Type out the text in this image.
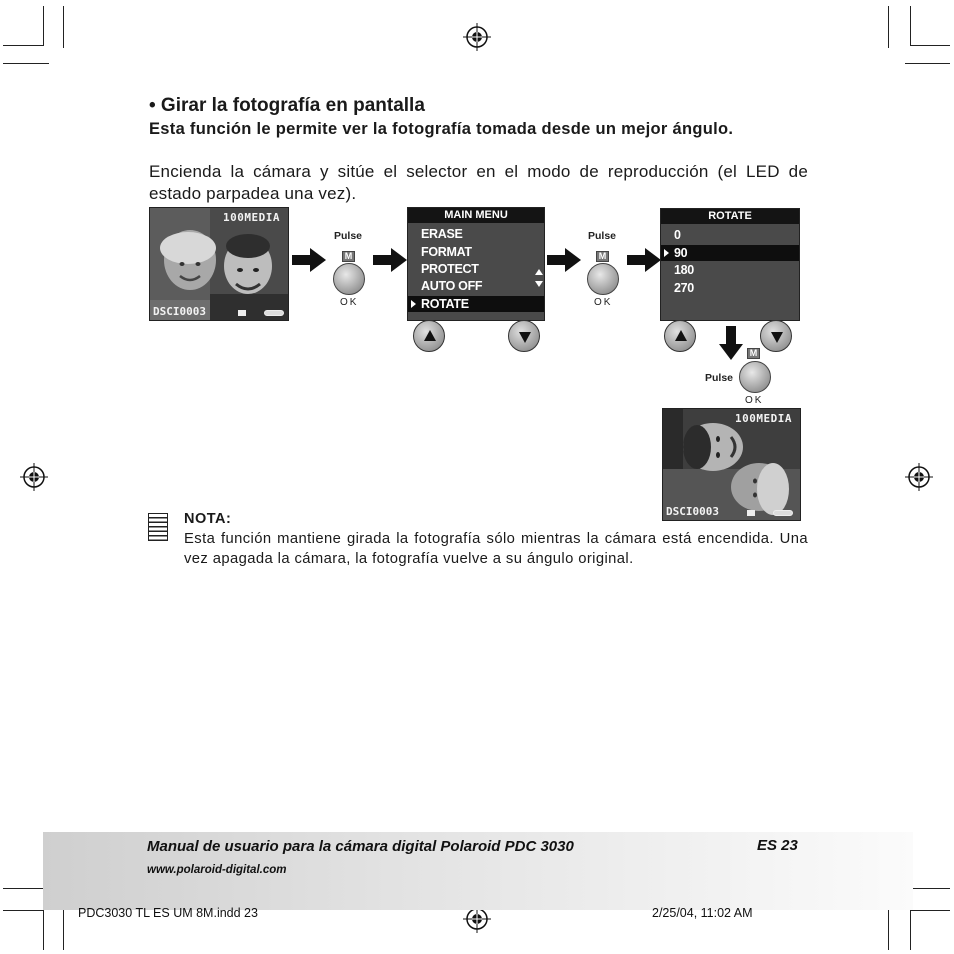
• Girar la fotografía en pantalla
Esta función le permite ver la fotografía tomada desde un mejor ángulo.
Encienda la cámara y sitúe el selector en el modo de reproducción (el LED de estado parpadea una vez).
100MEDIA
DSCI0003
Pulse
M
OK
MAIN MENU
ERASE
FORMAT
PROTECT
AUTO OFF
ROTATE
Pulse
M
OK
ROTATE
0
90
180
270
Pulse
M
OK
100MEDIA
DSCI0003
NOTA:
Esta función mantiene girada la fotografía sólo mientras la cámara está encendida. Una vez apagada la cámara, la fotografía vuelve a su ángulo original.
Manual de usuario para la cámara digital Polaroid PDC 3030	ES 23
www.polaroid-digital.com
PDC3030 TL ES UM 8M.indd 23	2/25/04, 11:02 AM
